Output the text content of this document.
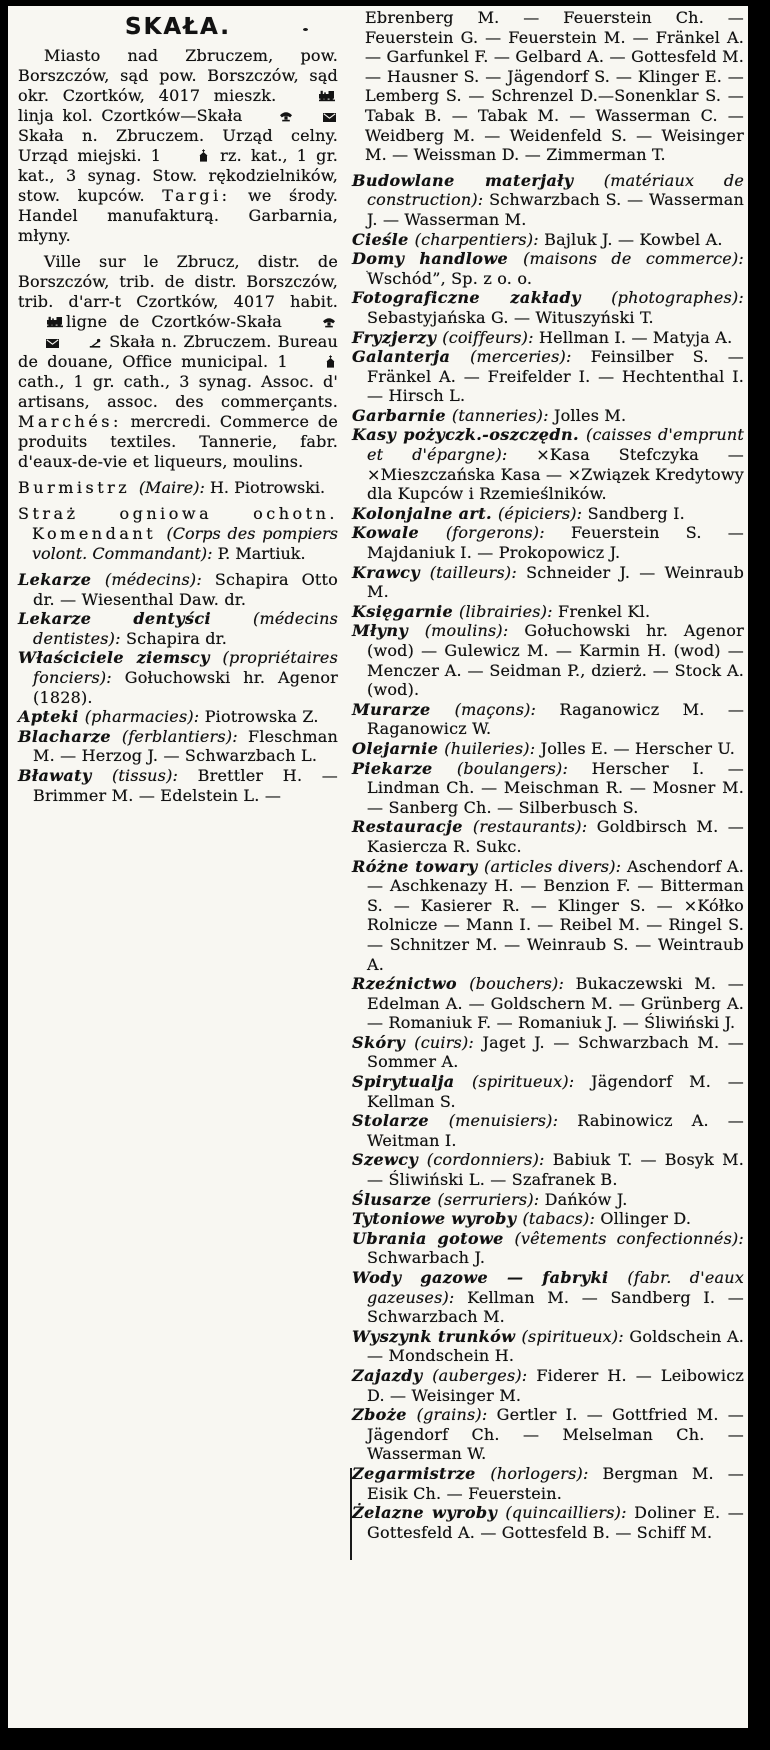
SKAŁA.

Miasto nad Zbruczem, pow. Borszczów, sąd pow. Borszczów, sąd okr. Czortków, 4017 mieszk. linja kol. Czortków—Skała  Skała n. Zbruczem. Urząd celny. Urząd miejski. 1	rz. kat., 1 gr. kat., 3 synag. Stow. rękodzielników, stow. kupców. Targi: we środy. Handel manufakturą. Garbarnia, młyny.

Ville sur le Zbrucz, distr. de Borszczów, trib. de distr. Borszczów, trib. d'arr-t Czortków, 4017 habit. ligne de Czortków-Skała  Skała n. Zbruczem. Bureau de douane, Office municipal. 1  cath., 1 gr. cath., 3 synag. Assoc. d' artisans, assoc. des commerçants. Marchés: mercredi. Commerce de produits textiles. Tannerie, fabr. d'eaux-de-vie et liqueurs, moulins.

Burmistrz (Maire): H. Piotrowski.

Straż ogniowa ochotn. Komendant (Corps des pompiers volont. Commandant): P. Martiuk.

Lekarze (médecins): Schapira Otto dr. — Wiesenthal Daw. dr.

Lekarze dentyści (médecins dentistes): Schapira dr.

Właściciele ziemscy (propriétaires fonciers): Gołuchowski hr. Agenor (1828).

Apteki (pharmacies): Piotrowska Z.

Blacharze (ferblantiers): Fleschman M. — Herzog J. — Schwarzbach L.

Bławaty (tissus): Brettler H. — Brimmer M. — Edelstein L. —

Ebrenberg M. — Feuerstein Ch. — Feuerstein G. — Feuerstein M. — Fränkel A. — Garfunkel F. — Gelbard A. — Gottesfeld M. — Hausner S. — Jägendorf S. — Klinger E. — Lemberg S. — Schrenzel D.—Sonenklar S. — Tabak B. — Tabak M. — Wasserman C. — Weidberg M. — Weidenfeld S. — Weisinger M. — Weissman D. — Zimmerman T.

Budowlane materjały (matériaux de construction): Schwarzbach S. — Wasserman J. — Wasserman M.

Cieśle (charpentiers): Bajluk J. — Kowbel A.

Domy handlowe (maisons de commerce): ׄWschód”, Sp. z o. o.

Fotograficzne zakłady (photographes): Sebastyjańska G. — Wituszyński T.

Fryzjerzy (coiffeurs): Hellman I. — Matyja A.

Galanterja (merceries): Feinsilber S. — Fränkel A. — Freifelder I. — Hechtenthal I. — Hirsch L.

Garbarnie (tanneries): Jolles M.

Kasy pożyczk.-oszczędn. (caisses d'emprunt et d'épargne): ×Kasa Stefczyka — ×Mieszczańska Kasa — ×Związek Kredytowy dla Kupców i Rzemieślników.

Kolonjalne art. (épiciers): Sandberg I.

Kowale (forgerons): Feuerstein S. — Majdaniuk I. — Prokopowicz J.

Krawcy (tailleurs): Schneider J. — Weinraub M.

Księgarnie (librairies): Frenkel Kl.

Młyny (moulins): Gołuchowski hr. Agenor (wod) — Gulewicz M. — Karmin H. (wod) — Menczer A. — Seidman P., dzierż. — Stock A. (wod).

Murarze (maçons): Raganowicz M. — Raganowicz W.

Olejarnie (huileries): Jolles E. — Herscher U.

Piekarze (boulangers): Herscher I. — Lindman Ch. — Meischman R. — Mosner M. — Sanberg Ch. — Silberbusch S.

Restauracje (restaurants): Goldbirsch M. — Kasiercza R. Sukc.

Różne towary (articles divers): Aschendorf A. — Aschkenazy H. — Benzion F. — Bitterman S. — Kasierer R. — Klinger S. — ×Kółko Rolnicze — Mann I. — Reibel M. — Ringel S. — Schnitzer M. — Weinraub S. — Weintraub A.

Rzeźnictwo (bouchers): Bukaczewski M. — Edelman A. — Goldschern M. — Grünberg A. — Romaniuk F. — Romaniuk J. — Śliwiński J.

Skóry (cuirs): Jaget J. — Schwarzbach M. — Sommer A.

Spirytualja (spiritueux): Jägendorf M. — Kellman S.

Stolarze (menuisiers): Rabinowicz A. — Weitman I.

Szewcy (cordonniers): Babiuk T. — Bosyk M. — Śliwiński L. — Szafranek B.

Ślusarze (serruriers): Dańków J.

Tytoniowe wyroby (tabacs): Ollinger D.

Ubrania gotowe (vêtements confectionnés): Schwarbach J.

Wody gazowe — fabryki (fabr. d'eaux gazeuses): Kellman M. — Sandberg I. — Schwarzbach M.

Wyszynk trunków (spiritueux): Goldschein A. — Mondschein H.

Zajazdy (auberges): Fiderer H. — Leibowicz D. — Weisinger M.

Zboże (grains): Gertler I. — Gottfried M. — Jägendorf Ch. — Melselman Ch. — Wasserman W.

Zegarmistrze (horlogers): Bergman M. — Eisik Ch. — Feuerstein.

Żelazne wyroby (quincailliers): Doliner E. — Gottesfeld A. — Gottesfeld B. — Schiff M.
